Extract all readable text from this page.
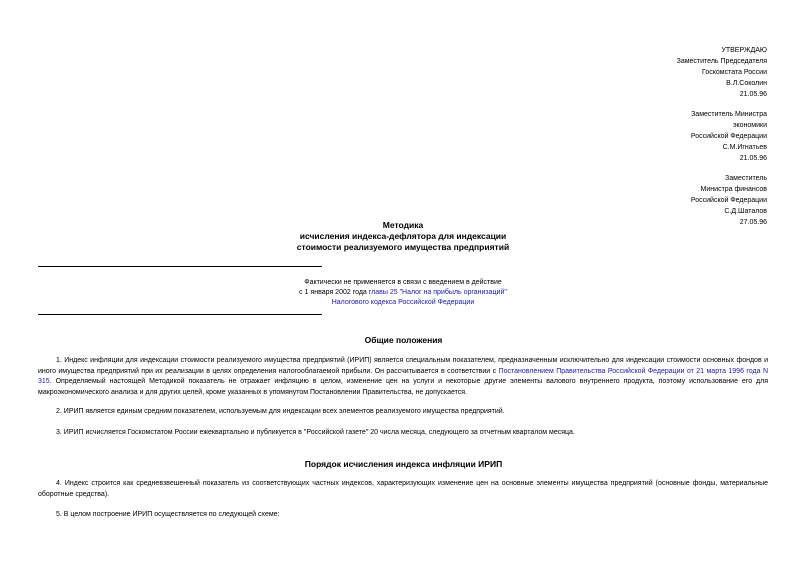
УТВЕРЖДАЮ
Заместитель Председателя
Госкомстата России
В.Л.Соколин
21.05.96
Заместитель Министра
экономики
Российской Федерации
С.М.Игнатьев
21.05.96
Заместитель
Министра финансов
Российской Федерации
С.Д.Шаталов
27.05.96
Методика
исчисления индекса-дефлятора для индексации
стоимости реализуемого имущества предприятий
Фактически не применяется в связи с введением в действие
с 1 января 2002 года главы 25 "Налог на прибыль организаций"
Налогового кодекса Российской Федерации
Общие положения
1. Индекс инфляции для индексации стоимости реализуемого имущества предприятий (ИРИП) является специальным показателем, предназначенным исключительно для индексации стоимости основных фондов и иного имущества предприятий при их реализации в целях определения налогооблагаемой прибыли. Он рассчитывается в соответствии с Постановлением Правительства Российской Федерации от 21 марта 1996 года N 315. Определяемый настоящей Методикой показатель не отражает инфляцию в целом, изменение цен на услуги и некоторые другие элементы валового внутреннего продукта, поэтому использование его для макроэкономического анализа и для других целей, кроме указанных в упомянутом Постановлении Правительства, не допускается.
2. ИРИП является единым средним показателем, используемым для индексации всех элементов реализуемого имущества предприятий.
3. ИРИП исчисляется Госкомстатом России ежеквартально и публикуется в "Российской газете" 20 числа месяца, следующего за отчетным кварталом месяца.
Порядок исчисления индекса инфляции ИРИП
4. Индекс строится как средневзвешенный показатель из соответствующих частных индексов, характеризующих изменение цен на основные элементы имущества предприятий (основные фонды, материальные оборотные средства).
5. В целом построение ИРИП осуществляется по следующей схеме:
